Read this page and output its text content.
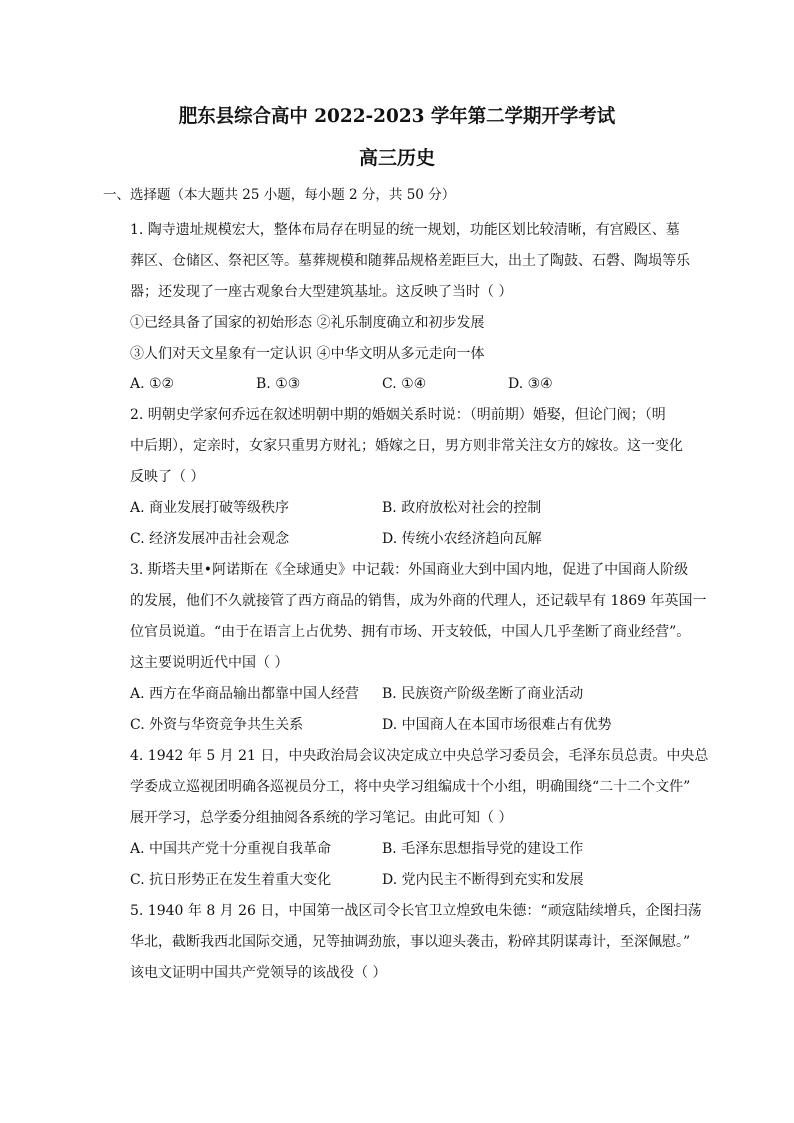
肥东县综合高中 2022-2023 学年第二学期开学考试
高三历史
一、选择题（本大题共 25 小题，每小题 2 分，共 50 分）
1. 陶寺遗址规模宏大，整体布局存在明显的统一规划，功能区划比较清晰，有宫殿区、墓
葬区、仓储区、祭祀区等。墓葬规模和随葬品规格差距巨大，出土了陶鼓、石磬、陶埙等乐
器；还发现了一座古观象台大型建筑基址。这反映了当时（ ）
①已经具备了国家的初始形态 ②礼乐制度确立和初步发展
③人们对天文星象有一定认识 ④中华文明从多元走向一体
A. ①②	B. ①③	C. ①④	D. ③④
2. 明朝史学家何乔远在叙述明朝中期的婚姻关系时说：（明前期）婚娶，但论门阀；（明
中后期），定亲时，女家只重男方财礼；婚嫁之日，男方则非常关注女方的嫁妆。这一变化
反映了（ ）
A. 商业发展打破等级秩序	B. 政府放松对社会的控制
C. 经济发展冲击社会观念	D. 传统小农经济趋向瓦解
3. 斯塔夫里•阿诺斯在《全球通史》中记载：外国商业大到中国内地，促进了中国商人阶级
的发展，他们不久就接管了西方商品的销售，成为外商的代理人，还记载早有 1869 年英国一
位官员说道。“由于在语言上占优势、拥有市场、开支较低，中国人几乎垄断了商业经营”。
这主要说明近代中国（ ）
A. 西方在华商品输出都靠中国人经营 B. 民族资产阶级垄断了商业活动
C. 外资与华资竞争共生关系	D. 中国商人在本国市场很难占有优势
4. 1942 年 5 月 21 日，中央政治局会议决定成立中央总学习委员会，毛泽东员总责。中央总
学委成立巡视团明确各巡视员分工，将中央学习组编成十个小组，明确围绕“二十二个文件”
展开学习，总学委分组抽阅各系统的学习笔记。由此可知（ ）
A. 中国共产党十分重视自我革命	B. 毛泽东思想指导党的建设工作
C. 抗日形势正在发生着重大变化	D. 党内民主不断得到充实和发展
5. 1940 年 8 月 26 日，中国第一战区司令长官卫立煌致电朱德：“顽寇陆续增兵，企图扫荡
华北，截断我西北国际交通，兄等抽调劲旅，事以迎头袭击，粉碎其阴谋毒计，至深佩慰。”
该电文证明中国共产党领导的该战役（ ）
